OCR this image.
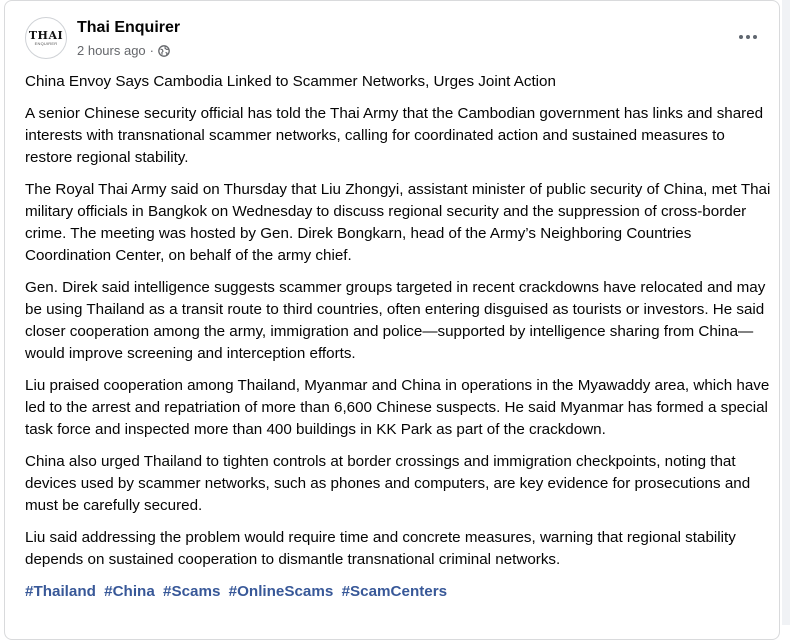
THAI
ENQUIRER
Thai Enquirer
2 hours ago ·

China Envoy Says Cambodia Linked to Scammer Networks, Urges Joint Action

A senior Chinese security official has told the Thai Army that the Cambodian government has links and shared interests with transnational scammer networks, calling for coordinated action and sustained measures to restore regional stability.

The Royal Thai Army said on Thursday that Liu Zhongyi, assistant minister of public security of China, met Thai military officials in Bangkok on Wednesday to discuss regional security and the suppression of cross-border crime. The meeting was hosted by Gen. Direk Bongkarn, head of the Army’s Neighboring Countries Coordination Center, on behalf of the army chief.

Gen. Direk said intelligence suggests scammer groups targeted in recent crackdowns have relocated and may be using Thailand as a transit route to third countries, often entering disguised as tourists or investors. He said closer cooperation among the army, immigration and police—supported by intelligence sharing from China—would improve screening and interception efforts.

Liu praised cooperation among Thailand, Myanmar and China in operations in the Myawaddy area, which have led to the arrest and repatriation of more than 6,600 Chinese suspects. He said Myanmar has formed a special task force and inspected more than 400 buildings in KK Park as part of the crackdown.

China also urged Thailand to tighten controls at border crossings and immigration checkpoints, noting that devices used by scammer networks, such as phones and computers, are key evidence for prosecutions and must be carefully secured.

Liu said addressing the problem would require time and concrete measures, warning that regional stability depends on sustained cooperation to dismantle transnational criminal networks.

#Thailand #China #Scams #OnlineScams #ScamCenters
